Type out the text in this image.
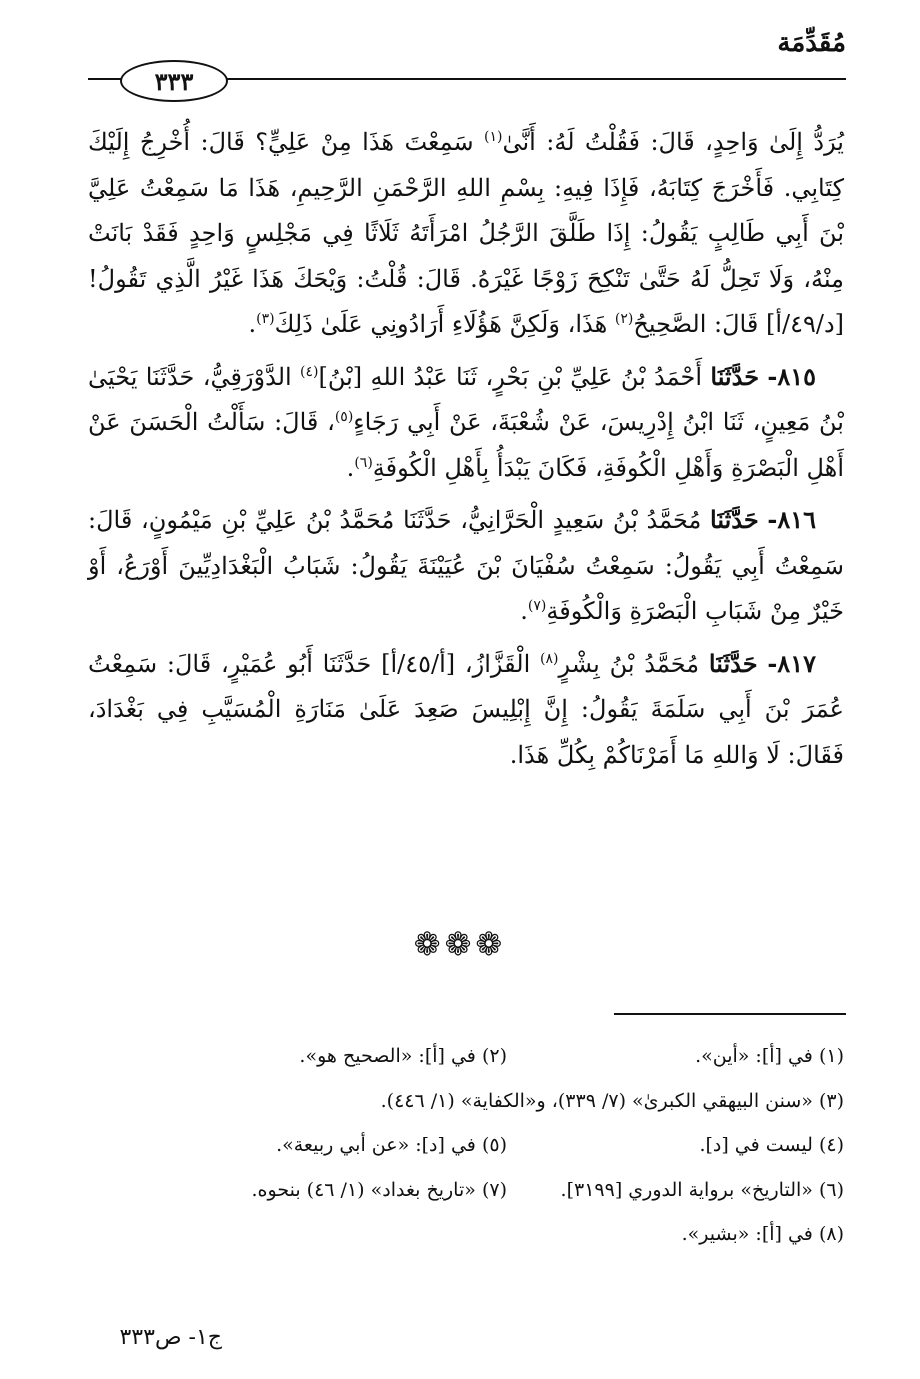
مُقَدِّمَة
٣٣٣

يُرَدُّ إِلَىٰ وَاحِدٍ، قَالَ: فَقُلْتُ لَهُ: أَنَّىٰ$^{(١)}$ سَمِعْتَ هَذَا مِنْ عَلِيٍّ؟ قَالَ: أُخْرِجُ إِلَيْكَ كِتَابِي. فَأَخْرَجَ كِتَابَهُ، فَإِذَا فِيهِ: بِسْمِ اللهِ الرَّحْمَنِ الرَّحِيمِ، هَذَا مَا سَمِعْتُ عَلِيَّ بْنَ أَبِي طَالِبٍ يَقُولُ: إِذَا طَلَّقَ الرَّجُلُ امْرَأَتَهُ ثَلَاثًا فِي مَجْلِسٍ وَاحِدٍ فَقَدْ بَانَتْ مِنْهُ، وَلَا تَحِلُّ لَهُ حَتَّىٰ تَنْكِحَ زَوْجًا غَيْرَهُ. قَالَ: قُلْتُ: وَيْحَكَ هَذَا غَيْرُ الَّذِي تَقُولُ! [د/٤٩/أ] قَالَ: الصَّحِيحُ$^{(٢)}$ هَذَا، وَلَكِنَّ هَؤُلَاءِ أَرَادُونِي عَلَىٰ ذَلِكَ$^{(٣)}$.

٨١٥- حَدَّثَنَا أَحْمَدُ بْنُ عَلِيِّ بْنِ بَحْرٍ، ثَنَا عَبْدُ اللهِ [بْنُ]$^{(٤)}$ الدَّوْرَقِيُّ، حَدَّثَنَا يَحْيَىٰ بْنُ مَعِينٍ، ثَنَا ابْنُ إِدْرِيسَ، عَنْ شُعْبَةَ، عَنْ أَبِي رَجَاءٍ$^{(٥)}$، قَالَ: سَأَلْتُ الْحَسَنَ عَنْ أَهْلِ الْبَصْرَةِ وَأَهْلِ الْكُوفَةِ، فَكَانَ يَبْدَأُ بِأَهْلِ الْكُوفَةِ$^{(٦)}$.

٨١٦- حَدَّثَنَا مُحَمَّدُ بْنُ سَعِيدٍ الْحَرَّانِيُّ، حَدَّثَنَا مُحَمَّدُ بْنُ عَلِيِّ بْنِ مَيْمُونٍ، قَالَ: سَمِعْتُ أَبِي يَقُولُ: سَمِعْتُ سُفْيَانَ بْنَ عُيَيْنَةَ يَقُولُ: شَبَابُ الْبَغْدَادِيِّينَ أَوْرَعُ، أَوْ خَيْرٌ مِنْ شَبَابِ الْبَصْرَةِ وَالْكُوفَةِ$^{(٧)}$.

٨١٧- حَدَّثَنَا مُحَمَّدُ بْنُ بِشْرٍ$^{(٨)}$ الْقَزَّازُ، [أ/٤٥/أ] حَدَّثَنَا أَبُو عُمَيْرٍ، قَالَ: سَمِعْتُ عُمَرَ بْنَ أَبِي سَلَمَةَ يَقُولُ: إِنَّ إِبْلِيسَ صَعِدَ عَلَىٰ مَنَارَةِ الْمُسَيَّبِ فِي بَغْدَادَ، فَقَالَ: لَا وَاللهِ مَا أَمَرْنَاكُمْ بِكُلِّ هَذَا.

❁❁❁
(١) في [أ]: «أين».
(٢) في [أ]: «الصحيح هو».
(٣) «سنن البيهقي الكبرىٰ» (٧/ ٣٣٩)، و«الكفاية» (١/ ٤٤٦).
(٤) ليست في [د].
(٥) في [د]: «عن أبي ربيعة».
(٦) «التاريخ» برواية الدوري [٣١٩٩].
(٧) «تاريخ بغداد» (١/ ٤٦) بنحوه.
(٨) في [أ]: «بشير».
ج١- ص٣٣٣
